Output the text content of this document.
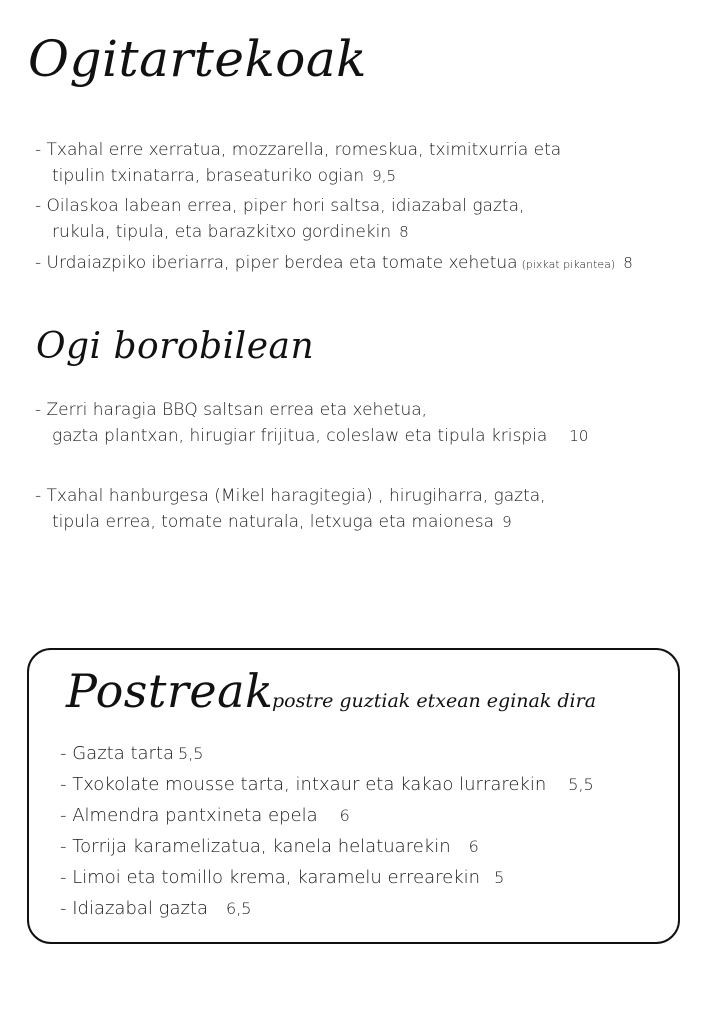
Ogitartekoak
- Txahal erre xerratua, mozzarella, romeskua, tximitxurria eta
tipulin txinatarra, braseaturiko ogian 9,5
- Oilaskoa labean errea, piper hori saltsa, idiazabal gazta,
rukula, tipula, eta barazkitxo gordinekin 8
- Urdaiazpiko iberiarra, piper berdea eta tomate xehetua (pixkat pikantea) 8
Ogi borobilean
- Zerri haragia BBQ saltsan errea eta xehetua,
gazta plantxan, hirugiar frijitua, coleslaw eta tipula krispia 10
- Txahal hanburgesa (Mikel haragitegia) , hirugiharra, gazta,
tipula errea, tomate naturala, letxuga eta maionesa 9
Postreak
postre guztiak etxean eginak dira
- Gazta tarta 5,5
- Txokolate mousse tarta, intxaur eta kakao lurrarekin 5,5
- Almendra pantxineta epela 6
- Torrija karamelizatua, kanela helatuarekin 6
- Limoi eta tomillo krema, karamelu errearekin 5
- Idiazabal gazta 6,5
